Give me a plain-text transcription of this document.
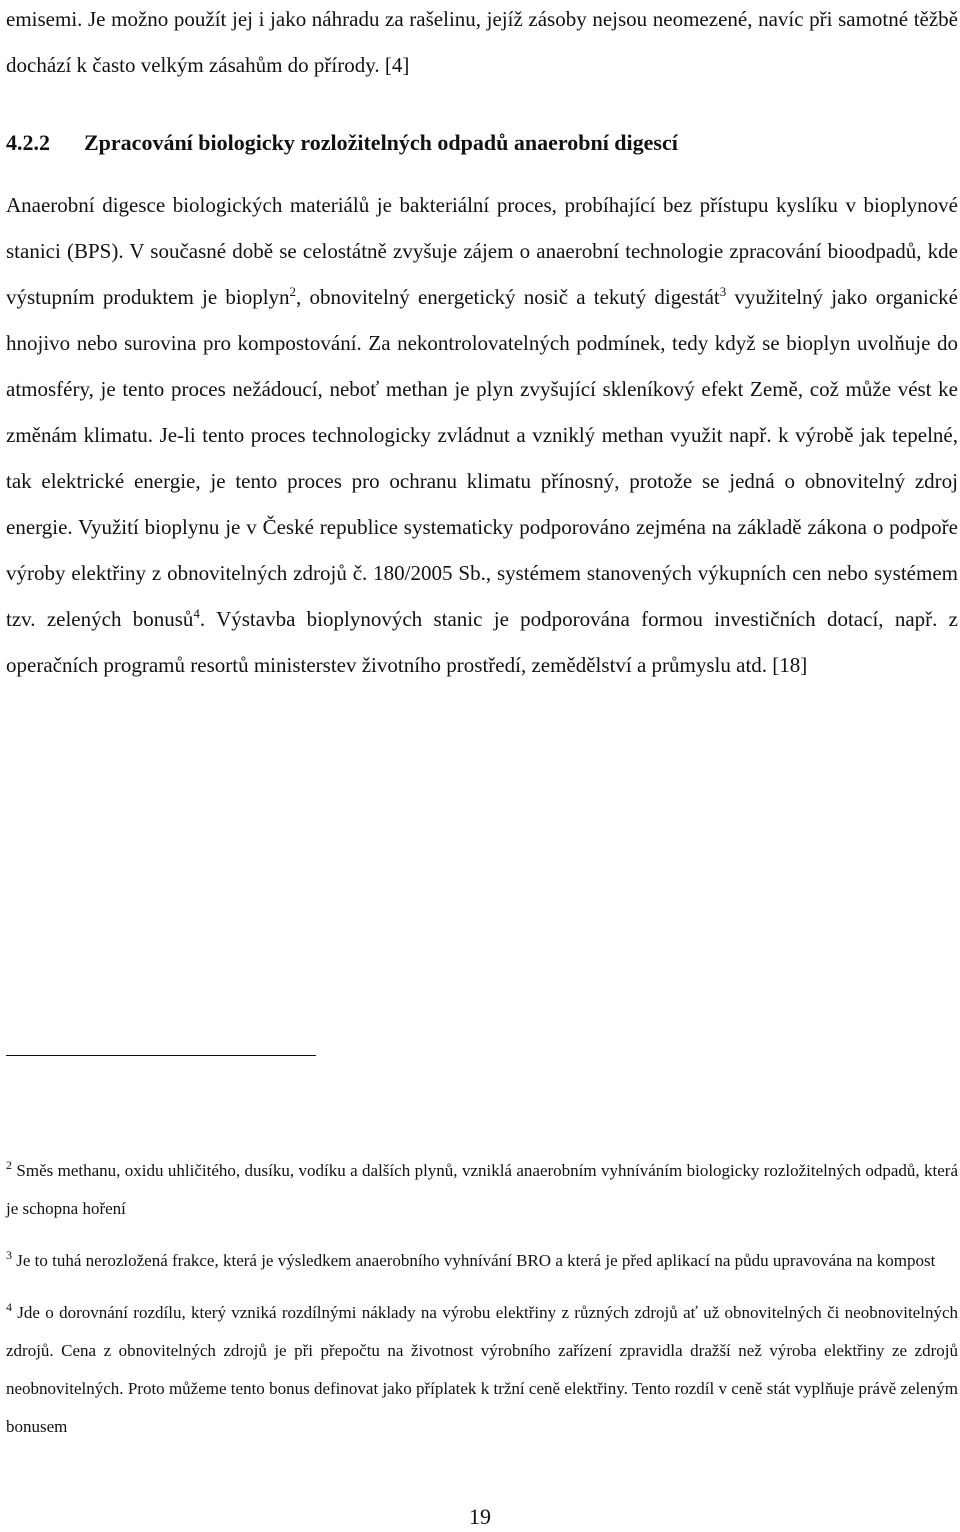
emisemi. Je možno použít jej i jako náhradu za rašelinu, jejíž zásoby nejsou neomezené, navíc při samotné těžbě dochází k často velkým zásahům do přírody. [4]

4.2.2 Zpracování biologicky rozložitelných odpadů anaerobní digescí

Anaerobní digesce biologických materiálů je bakteriální proces, probíhající bez přístupu kyslíku v bioplynové stanici (BPS). V současné době se celostátně zvyšuje zájem o anaerobní technologie zpracování bioodpadů, kde výstupním produktem je bioplyn$^2$, obnovitelný energetický nosič a tekutý digestát$^3$ využitelný jako organické hnojivo nebo surovina pro kompostování. Za nekontrolovatelných podmínek, tedy když se bioplyn uvolňuje do atmosféry, je tento proces nežádoucí, neboť methan je plyn zvyšující skleníkový efekt Země, což může vést ke změnám klimatu. Je-li tento proces technologicky zvládnut a vzniklý methan využit např. k výrobě jak tepelné, tak elektrické energie, je tento proces pro ochranu klimatu přínosný, protože se jedná o obnovitelný zdroj energie. Využití bioplynu je v České republice systematicky podporováno zejména na základě zákona o podpoře výroby elektřiny z obnovitelných zdrojů č. 180/2005 Sb., systémem stanovených výkupních cen nebo systémem tzv. zelených bonusů$^4$. Výstavba bioplynových stanic je podporována formou investičních dotací, např. z operačních programů resortů ministerstev životního prostředí, zemědělství a průmyslu atd. [18]

$^2$ Směs methanu, oxidu uhličitého, dusíku, vodíku a dalších plynů, vzniklá anaerobním vyhníváním biologicky rozložitelných odpadů, která je schopna hoření

$^3$ Je to tuhá nerozložená frakce, která je výsledkem anaerobního vyhnívání BRO a která je před aplikací na půdu upravována na kompost

$^4$ Jde o dorovnání rozdílu, který vzniká rozdílnými náklady na výrobu elektřiny z různých zdrojů ať už obnovitelných či neobnovitelných zdrojů. Cena z obnovitelných zdrojů je při přepočtu na životnost výrobního zařízení zpravidla dražší než výroba elektřiny ze zdrojů neobnovitelných. Proto můžeme tento bonus definovat jako příplatek k tržní ceně elektřiny. Tento rozdíl v ceně stát vyplňuje právě zeleným bonusem

19
